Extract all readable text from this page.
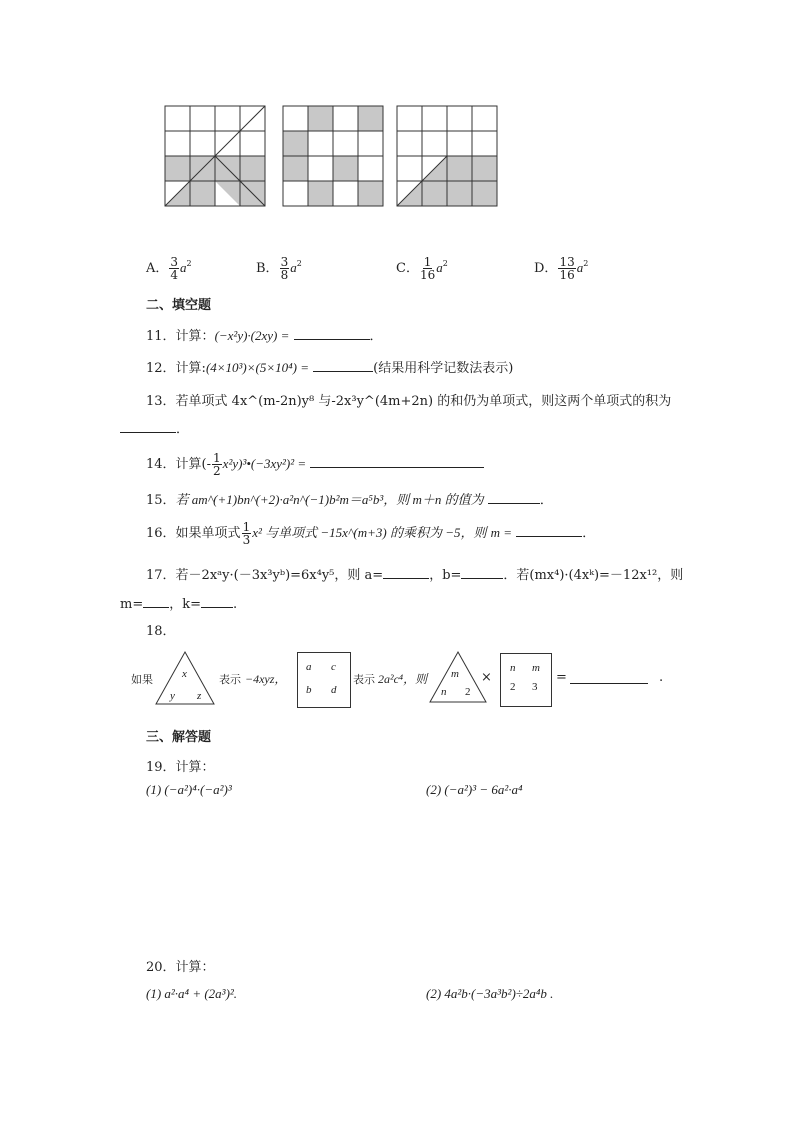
A． $\frac{3}{4} a^2$	B． $\frac{3}{8} a^2$	C． $\frac{1}{16} a^2$	D． $\frac{13}{16} a^2$
二、填空题
11．计算：(−x²y)·(2xy) =	．
12．计算:(4×10³)×(5×10⁴) =	(结果用科学记数法表示)
13．若单项式 4x^(m-2n)y⁸ 与-2x³y^(4m+2n) 的和仍为单项式，则这两个单项式的积为
．
14．计算(- $\frac{1}{2}$ x²y)³•(−3xy²)² =
15．若 am^(+1)bn^(+2)·a²n^(−1)b²m＝a⁵b³，则 m＋n 的值为	．
16．如果单项式 $\frac{1}{3} x^2$ 与单项式 −15x^(m+3) 的乘积为 −5，则 m =	．
17．若－2xᵃy·(－3x³yᵇ)=6x⁴y⁵，则 a=	，b=	．若(mx⁴)·(4xᵏ)=－12x¹²，则
m= ，k= .
18．
如果	x
y z
表示 −4xyz，
a c
b d
表示 2a²c⁴，则 m
n 2
×
n m
2 3
=	.
三、解答题
19．计算：
(1) (−a²)⁴·(−a²)³	(2) (−a²)³ − 6a²·a⁴
20．计算：
(1) a²·a⁴ + (2a³)².	(2) 4a²b·(−3a³b²)÷2a⁴b .
